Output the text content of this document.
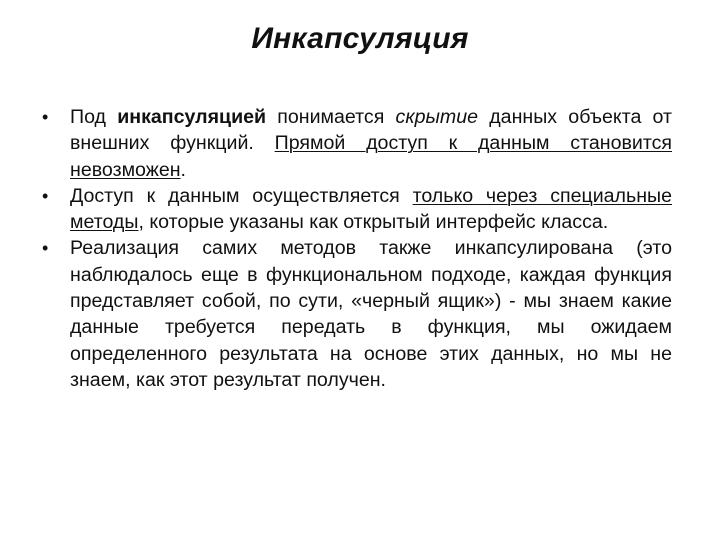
Инкапсуляция
• Под инкапсуляцией понимается скрытие данных объекта от внешних функций. Прямой доступ к данным становится невозможен.
• Доступ к данным осуществляется только через специальные методы, которые указаны как открытый интерфейс класса.
• Реализация самих методов также инкапсулирована (это наблюдалось еще в функциональном подходе, каждая функция представляет собой, по сути, «черный ящик») - мы знаем какие данные требуется передать в функция, мы ожидаем определенного результата на основе этих данных, но мы не знаем, как этот результат получен.
